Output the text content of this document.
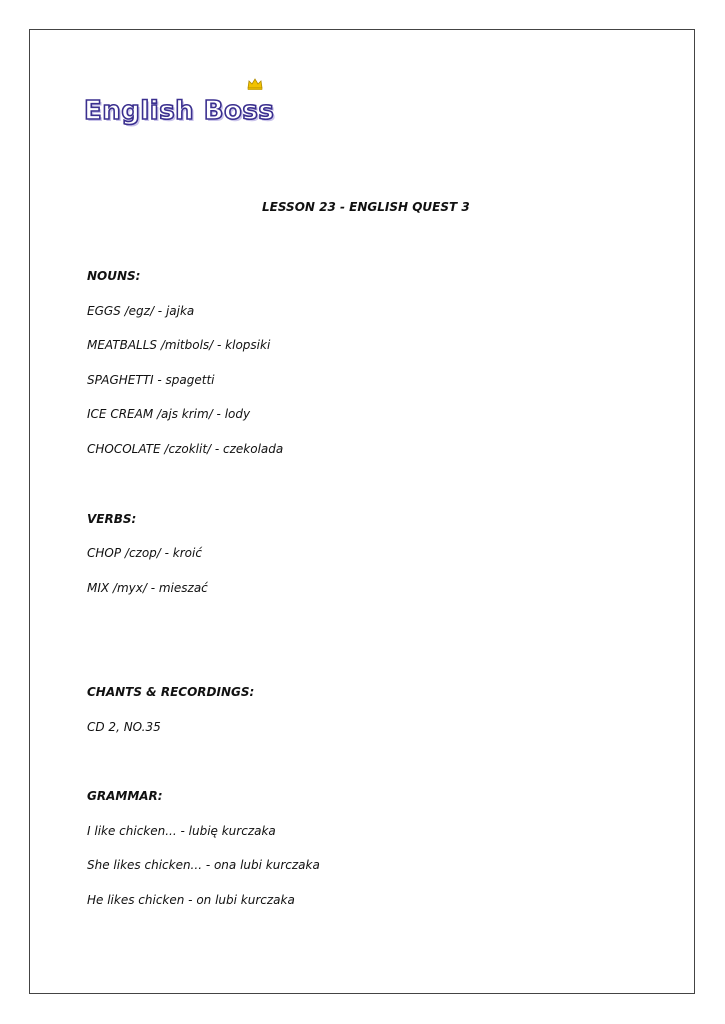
English Boss
LESSON 23 - ENGLISH QUEST 3
NOUNS:
EGGS /egz/ - jajka
MEATBALLS /mitbols/ - klopsiki
SPAGHETTI - spagetti
ICE CREAM /ajs krim/ - lody
CHOCOLATE /czoklit/ - czekolada
VERBS:
CHOP /czop/ - kroić
MIX /myx/ - mieszać
CHANTS & RECORDINGS:
CD 2, NO.35
GRAMMAR:
I like chicken... - lubię kurczaka
She likes chicken... - ona lubi kurczaka
He likes chicken - on lubi kurczaka
